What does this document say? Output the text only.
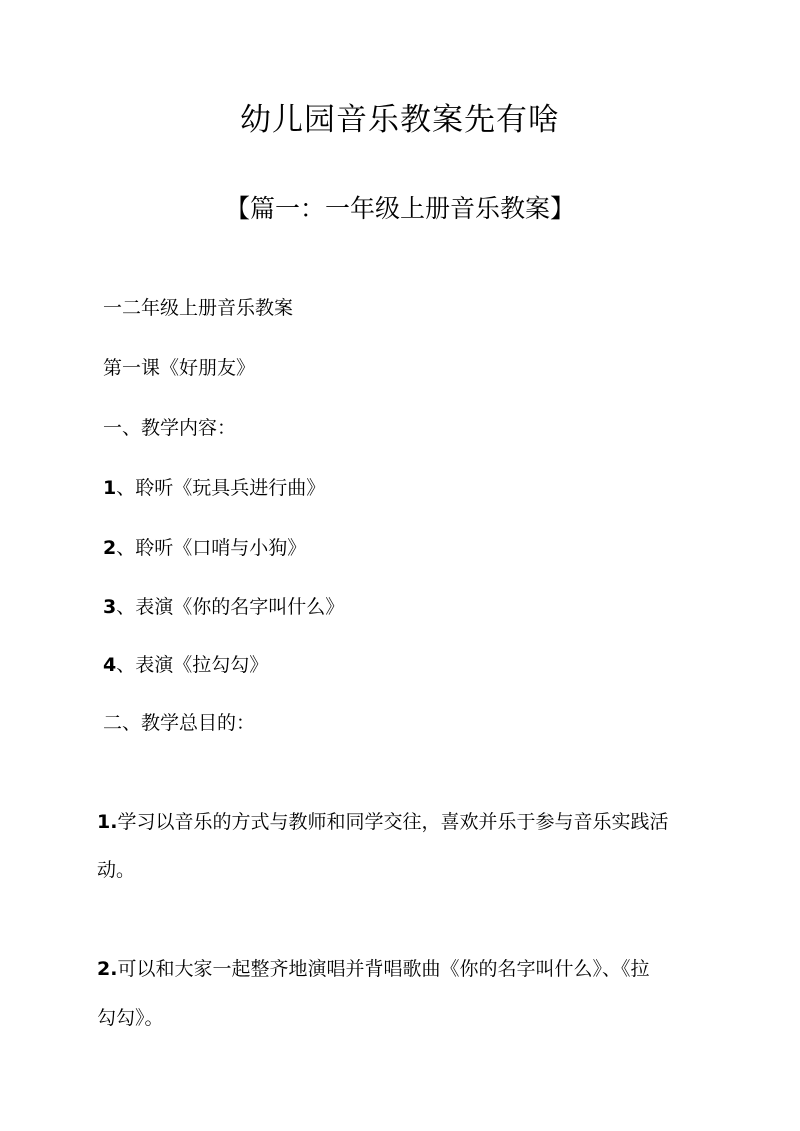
幼儿园音乐教案先有啥
【篇一：一年级上册音乐教案】
一二年级上册音乐教案
第一课《好朋友》
一、教学内容：
1、聆听《玩具兵进行曲》
2、聆听《口哨与小狗》
3、表演《你的名字叫什么》
4、表演《拉勾勾》
二、教学总目的：
1.学习以音乐的方式与教师和同学交往，喜欢并乐于参与音乐实践活
动。
2.可以和大家一起整齐地演唱并背唱歌曲《你的名字叫什么》、《拉
勾勾》。
